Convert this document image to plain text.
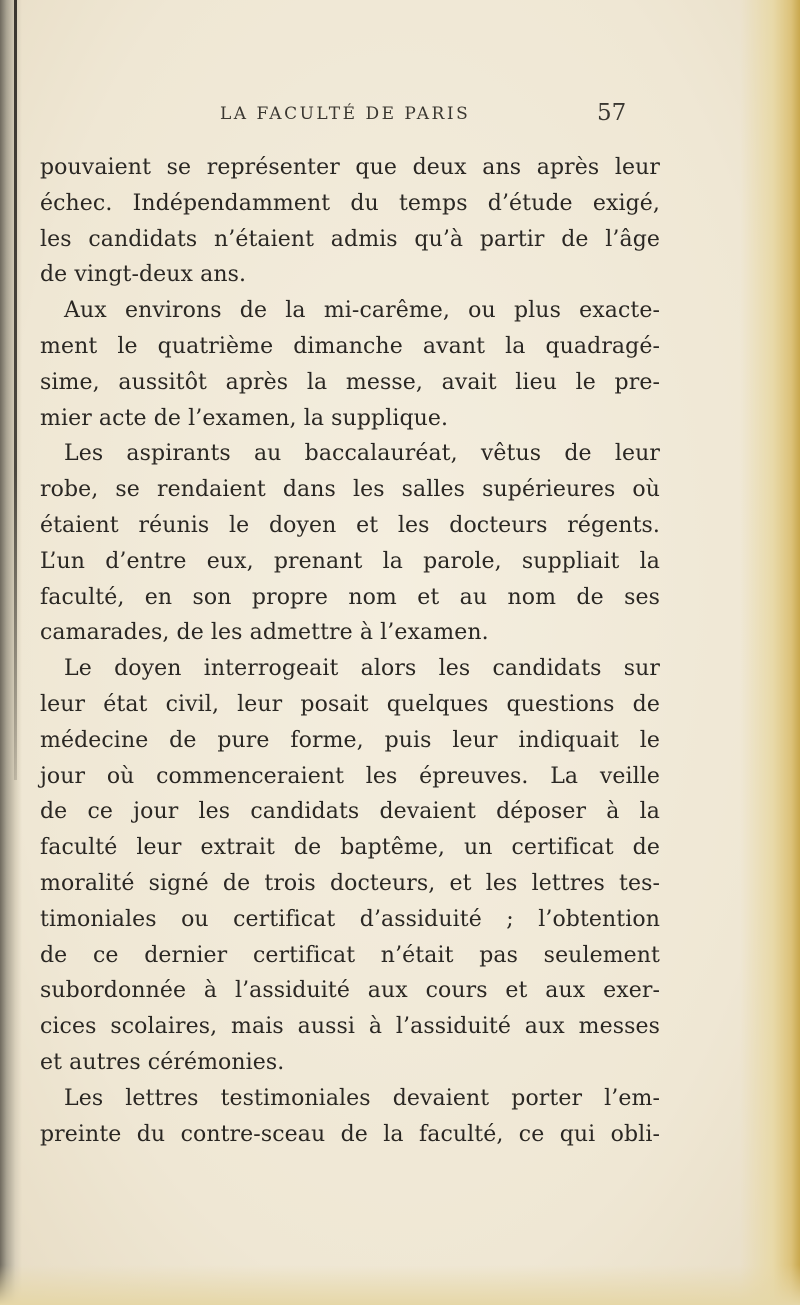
LA FACULTÉ DE PARIS	57
pouvaient se représenter que deux ans après leur
échec. Indépendamment du temps d’étude exigé,
les candidats n’étaient admis qu’à partir de l’âge
de vingt-deux ans.
Aux environs de la mi-carême, ou plus exacte-
ment le quatrième dimanche avant la quadragé-
sime, aussitôt après la messe, avait lieu le pre-
mier acte de l’examen, la supplique.
Les aspirants au baccalauréat, vêtus de leur
robe, se rendaient dans les salles supérieures où
étaient réunis le doyen et les docteurs régents.
L’un d’entre eux, prenant la parole, suppliait la
faculté, en son propre nom et au nom de ses
camarades, de les admettre à l’examen.
Le doyen interrogeait alors les candidats sur
leur état civil, leur posait quelques questions de
médecine de pure forme, puis leur indiquait le
jour où commenceraient les épreuves. La veille
de ce jour les candidats devaient déposer à la
faculté leur extrait de baptême, un certificat de
moralité signé de trois docteurs, et les lettres tes-
timoniales ou certificat d’assiduité ; l’obtention
de ce dernier certificat n’était pas seulement
subordonnée à l’assiduité aux cours et aux exer-
cices scolaires, mais aussi à l’assiduité aux messes
et autres cérémonies.
Les lettres testimoniales devaient porter l’em-
preinte du contre-sceau de la faculté, ce qui obli-
